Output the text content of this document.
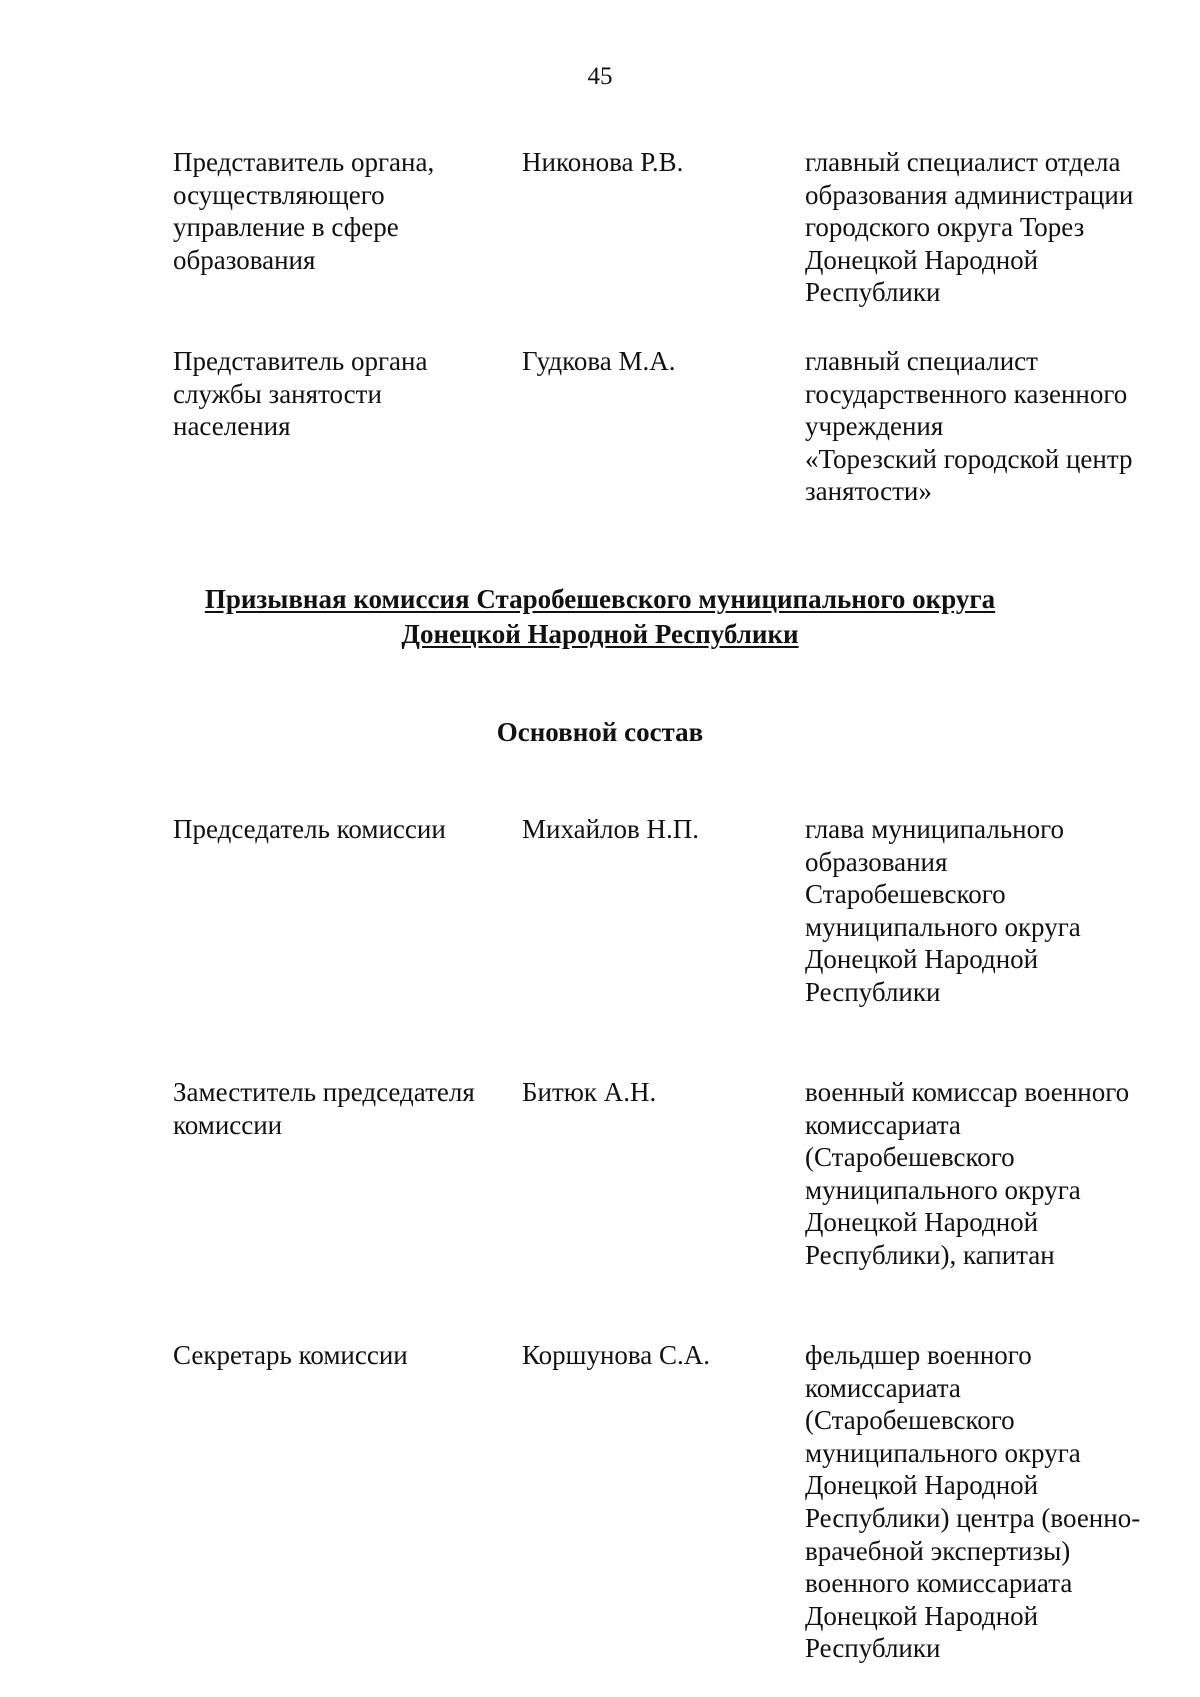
45
Представитель органа,
осуществляющего
управление в сфере
образования
Никонова Р.В.	главный специалист отдела
образования администрации
городского округа Торез
Донецкой Народной
Республики
Представитель органа
службы занятости
населения
Гудкова М.А.	главный специалист
государственного казенного
учреждения
«Торезский городской центр
занятости»
Призывная комиссия Старобешевского муниципального округа
Донецкой Народной Республики
Основной состав
Председатель комиссии	Михайлов Н.П.	глава муниципального
образования
Старобешевского
муниципального округа
Донецкой Народной
Республики
Заместитель председателя
комиссии
Битюк А.Н.	военный комиссар военного
комиссариата
(Старобешевского
муниципального округа
Донецкой Народной
Республики), капитан
Секретарь комиссии	Коршунова С.А.	фельдшер военного
комиссариата
(Старобешевского
муниципального округа
Донецкой Народной
Республики) центра (военно-
врачебной экспертизы)
военного комиссариата
Донецкой Народной
Республики
